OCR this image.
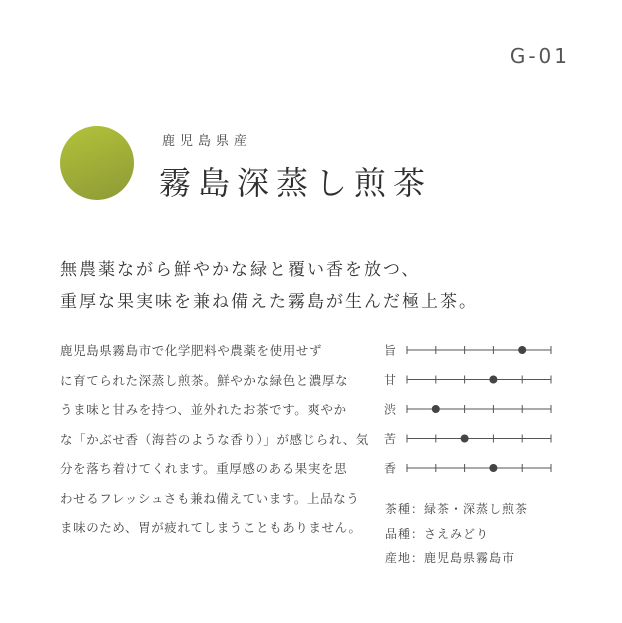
G-01
鹿児島県産
霧島深蒸し煎茶
無農薬ながら鮮やかな緑と覆い香を放つ、
重厚な果実味を兼ね備えた霧島が生んだ極上茶。
鹿児島県霧島市で化学肥料や農薬を使用せず
に育てられた深蒸し煎茶。鮮やかな緑色と濃厚な
うま味と甘みを持つ、並外れたお茶です。爽やか
な「かぶせ香（海苔のような香り）」が感じられ、気
分を落ち着けてくれます。重厚感のある果実を思
わせるフレッシュさも兼ね備えています。上品なう
ま味のため、胃が疲れてしまうこともありません。
旨
甘
渋
苦
香
茶種：緑茶・深蒸し煎茶
品種：さえみどり
産地：鹿児島県霧島市
